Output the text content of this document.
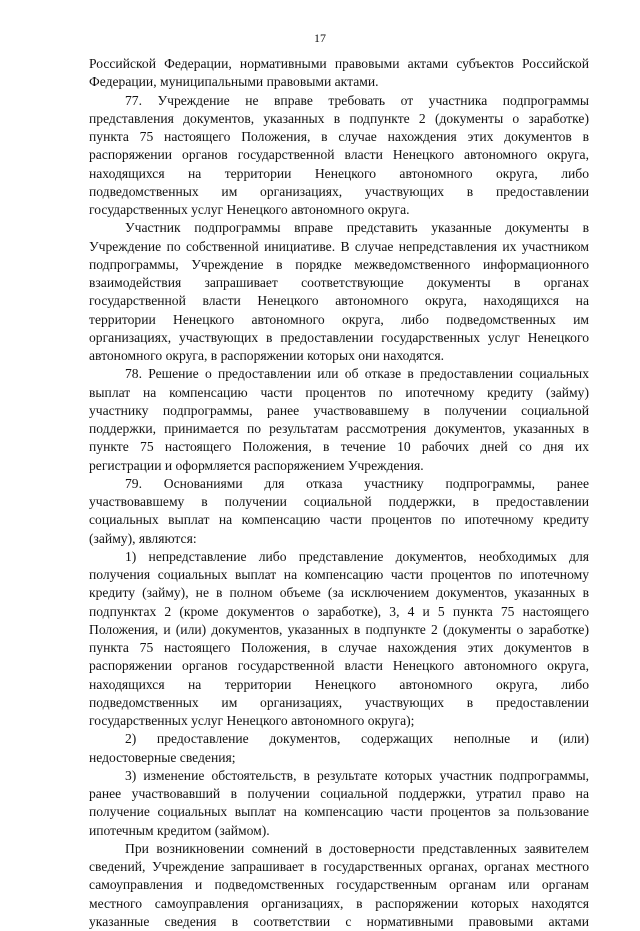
17
Российской Федерации, нормативными правовыми актами субъектов Российской
Федерации, муниципальными правовыми актами.
77. Учреждение не вправе требовать от участника подпрограммы
представления документов, указанных в подпункте 2 (документы о заработке)
пункта 75 настоящего Положения, в случае нахождения этих документов в
распоряжении органов государственной власти Ненецкого автономного округа,
находящихся на территории Ненецкого автономного округа, либо
подведомственных им организациях, участвующих в предоставлении
государственных услуг Ненецкого автономного округа.
Участник подпрограммы вправе представить указанные документы в
Учреждение по собственной инициативе. В случае непредставления их участником
подпрограммы, Учреждение в порядке межведомственного информационного
взаимодействия запрашивает соответствующие документы в органах
государственной власти Ненецкого автономного округа, находящихся на
территории Ненецкого автономного округа, либо подведомственных им
организациях, участвующих в предоставлении государственных услуг Ненецкого
автономного округа, в распоряжении которых они находятся.
78. Решение о предоставлении или об отказе в предоставлении социальных
выплат на компенсацию части процентов по ипотечному кредиту (займу)
участнику подпрограммы, ранее участвовавшему в получении социальной
поддержки, принимается по результатам рассмотрения документов, указанных в
пункте 75 настоящего Положения, в течение 10 рабочих дней со дня их
регистрации и оформляется распоряжением Учреждения.
79. Основаниями для отказа участнику подпрограммы, ранее
участвовавшему в получении социальной поддержки, в предоставлении
социальных выплат на компенсацию части процентов по ипотечному кредиту
(займу), являются:
1) непредставление либо представление документов, необходимых для
получения социальных выплат на компенсацию части процентов по ипотечному
кредиту (займу), не в полном объеме (за исключением документов, указанных в
подпунктах 2 (кроме документов о заработке), 3, 4 и 5 пункта 75 настоящего
Положения, и (или) документов, указанных в подпункте 2 (документы о заработке)
пункта 75 настоящего Положения, в случае нахождения этих документов в
распоряжении органов государственной власти Ненецкого автономного округа,
находящихся на территории Ненецкого автономного округа, либо
подведомственных им организациях, участвующих в предоставлении
государственных услуг Ненецкого автономного округа);
2) предоставление документов, содержащих неполные и (или)
недостоверные сведения;
3) изменение обстоятельств, в результате которых участник подпрограммы,
ранее участвовавший в получении социальной поддержки, утратил право на
получение социальных выплат на компенсацию части процентов за пользование
ипотечным кредитом (займом).
При возникновении сомнений в достоверности представленных заявителем
сведений, Учреждение запрашивает в государственных органах, органах местного
самоуправления и подведомственных государственным органам или органам
местного самоуправления организациях, в распоряжении которых находятся
указанные сведения в соответствии с нормативными правовыми актами
